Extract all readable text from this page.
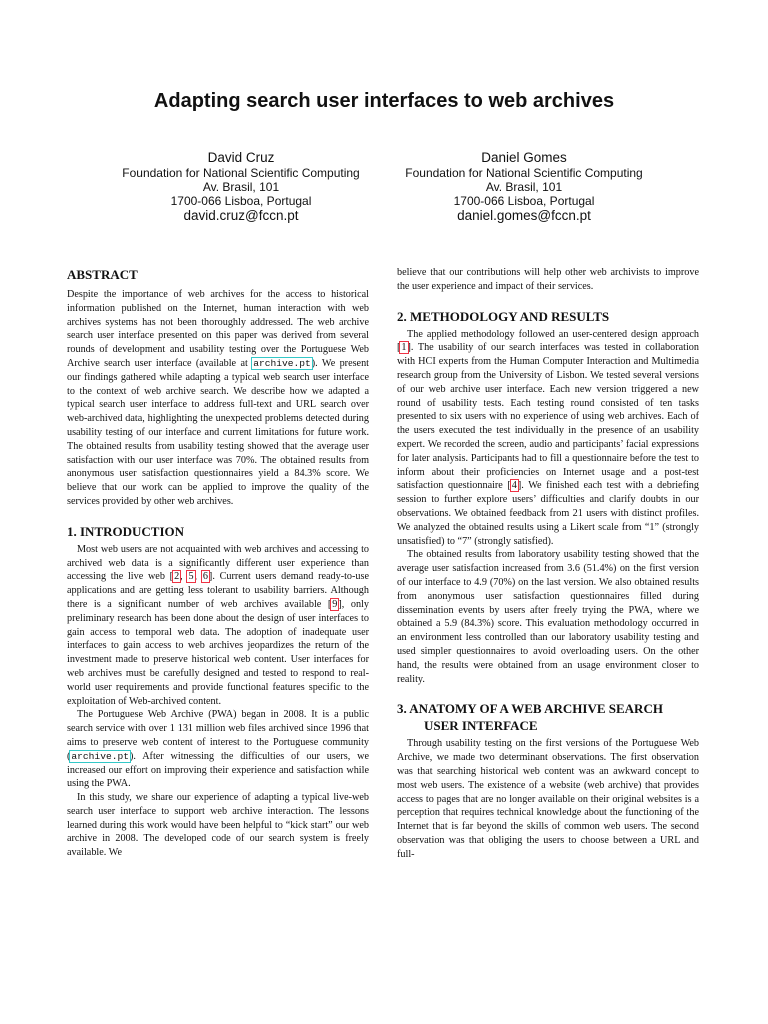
Adapting search user interfaces to web archives
David Cruz
Foundation for National Scientific Computing
Av. Brasil, 101
1700-066 Lisboa, Portugal
david.cruz@fccn.pt
Daniel Gomes
Foundation for National Scientific Computing
Av. Brasil, 101
1700-066 Lisboa, Portugal
daniel.gomes@fccn.pt
ABSTRACT

Despite the importance of web archives for the access to historical information published on the Internet, human interaction with web archives systems has not been thoroughly addressed. The web archive search user interface presented on this paper was derived from several rounds of development and usability testing over the Portuguese Web Archive search user interface (available at archive.pt). We present our findings gathered while adapting a typical web search user interface to the context of web archive search. We describe how we adapted a typical search user interface to address full-text and URL search over web-archived data, highlighting the unexpected problems detected during usability testing of our interface and current limitations for future work. The obtained results from usability testing showed that the average user satisfaction with our user interface was 70%. The obtained results from anonymous user satisfaction questionnaires yield a 84.3% score. We believe that our work can be applied to improve the quality of the services provided by other web archives.

1. INTRODUCTION

Most web users are not acquainted with web archives and accessing to archived web data is a significantly different user experience than accessing the live web [2, 5, 6]. Current users demand ready-to-use applications and are getting less tolerant to usability barriers. Although there is a significant number of web archives available [9], only preliminary research has been done about the design of user interfaces to gain access to temporal web data. The adoption of inadequate user interfaces to gain access to web archives jeopardizes the return of the investment made to preserve historical web content. User interfaces for web archives must be carefully designed and tested to respond to real-world user requirements and provide functional features specific to the exploitation of Web-archived content.

The Portuguese Web Archive (PWA) began in 2008. It is a public search service with over 1 131 million web files archived since 1996 that aims to preserve web content of interest to the Portuguese community (archive.pt). After witnessing the difficulties of our users, we increased our effort on improving their experience and satisfaction while using the PWA.

In this study, we share our experience of adapting a typical live-web search user interface to support web archive interaction. The lessons learned during this work would have been helpful to “kick start” our web archive in 2008. The developed code of our search system is freely available. We

believe that our contributions will help other web archivists to improve the user experience and impact of their services.

2. METHODOLOGY AND RESULTS

The applied methodology followed an user-centered design approach [1]. The usability of our search interfaces was tested in collaboration with HCI experts from the Human Computer Interaction and Multimedia research group from the University of Lisbon. We tested several versions of our web archive user interface. Each new version triggered a new round of usability tests. Each testing round consisted of ten tasks presented to six users with no experience of using web archives. Each of the users executed the test individually in the presence of an usability expert. We recorded the screen, audio and participants’ facial expressions for later analysis. Participants had to fill a questionnaire before the test to inform about their proficiencies on Internet usage and a post-test satisfaction questionnaire [4]. We finished each test with a debriefing session to further explore users’ difficulties and clarify doubts in our observations. We obtained feedback from 21 users with distinct profiles. We analyzed the obtained results using a Likert scale from “1” (strongly unsatisfied) to “7” (strongly satisfied).

The obtained results from laboratory usability testing showed that the average user satisfaction increased from 3.6 (51.4%) on the first version of our interface to 4.9 (70%) on the last version. We also obtained results from anonymous user satisfaction questionnaires filled during dissemination events by users after freely trying the PWA, where we obtained a 5.9 (84.3%) score. This evaluation methodology occurred in an environment less controlled than our laboratory usability testing and used simpler questionnaires to avoid overloading users. On the other hand, the results were obtained from an usage environment closer to reality.

3. ANATOMY OF A WEB ARCHIVE SEARCH USER INTERFACE

Through usability testing on the first versions of the Portuguese Web Archive, we made two determinant observations. The first observation was that searching historical web content was an awkward concept to most web users. The existence of a website (web archive) that provides access to pages that are no longer available on their original websites is a perception that requires technical knowledge about the functioning of the Internet that is far beyond the skills of common web users. The second observation was that obliging the users to choose between a URL and full-
